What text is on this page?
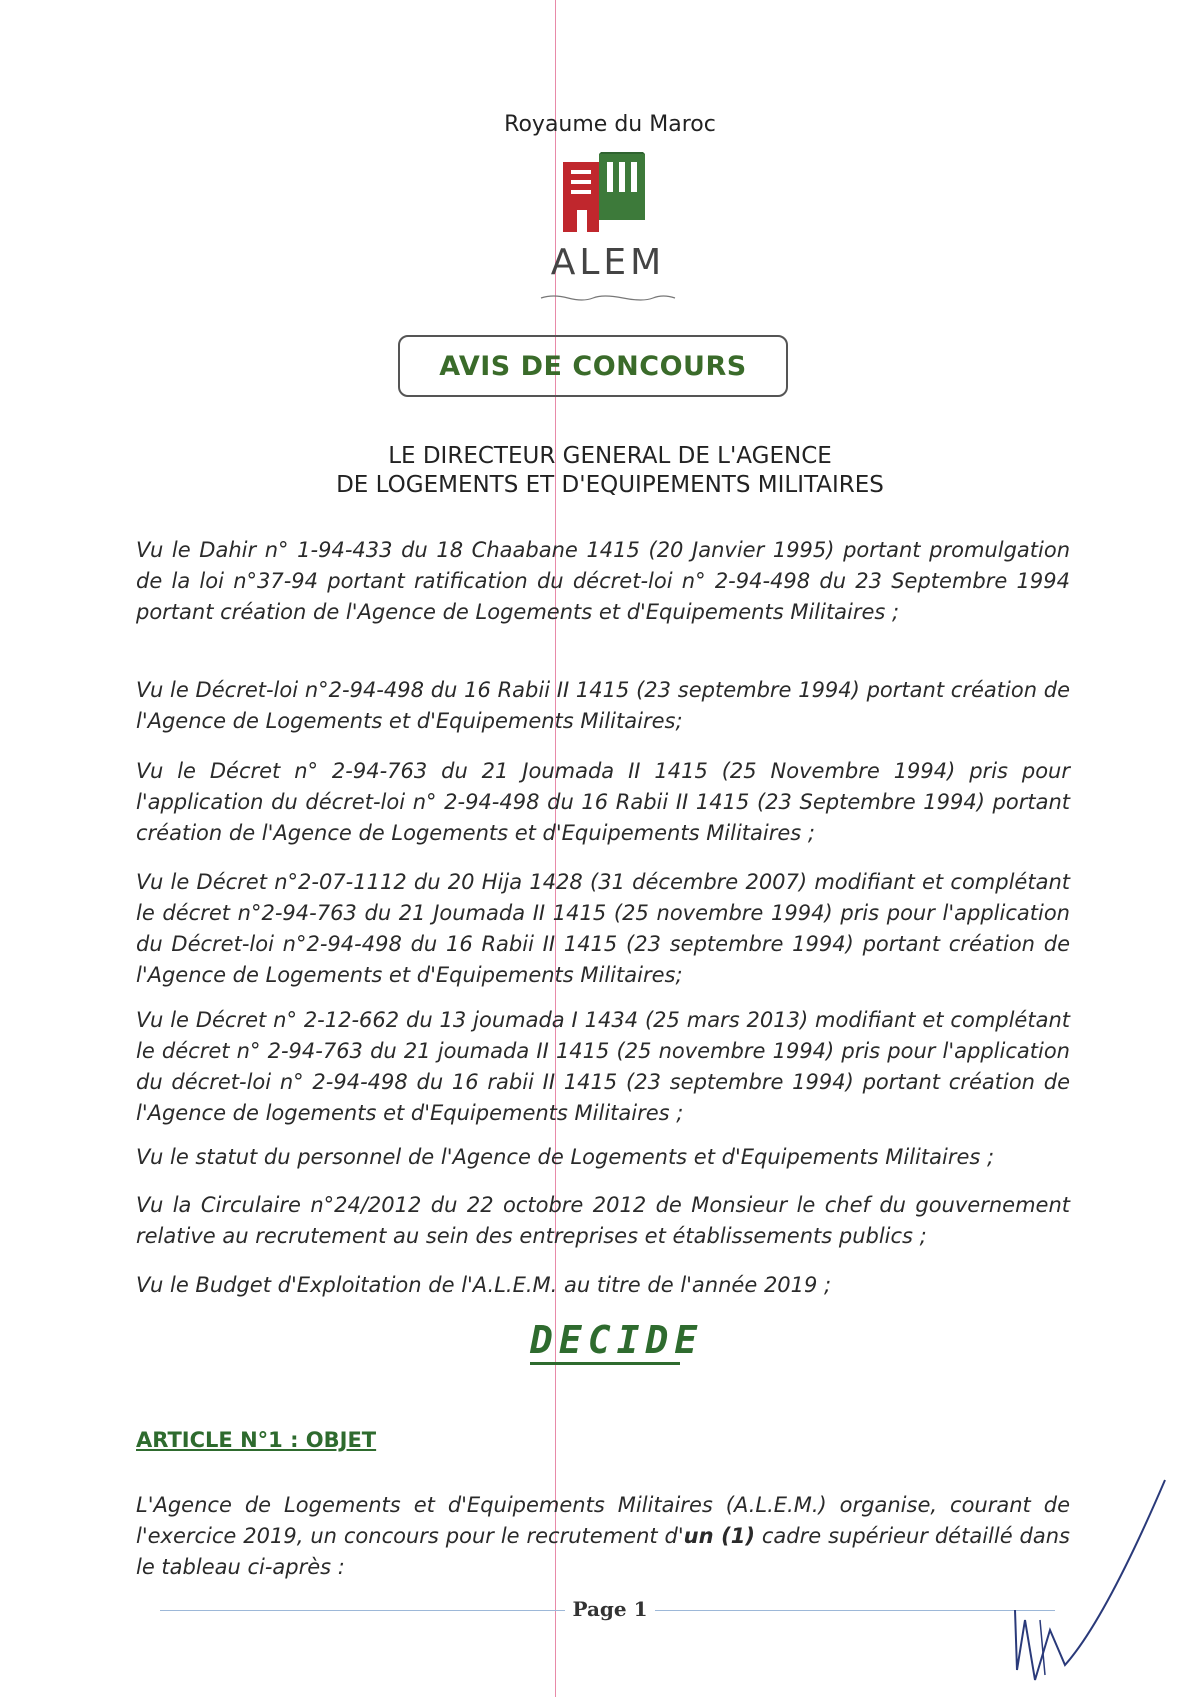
Royaume du Maroc
ALEM
AVIS DE CONCOURS
LE DIRECTEUR GENERAL DE L'AGENCE
DE LOGEMENTS ET D'EQUIPEMENTS MILITAIRES
Vu le Dahir n° 1-94-433 du 18 Chaabane 1415 (20 Janvier 1995) portant promulgation de la loi n°37-94 portant ratification du décret-loi n° 2-94-498 du 23 Septembre 1994 portant création de l'Agence de Logements et d'Equipements Militaires ;
Vu le Décret-loi n°2-94-498 du 16 Rabii II 1415 (23 septembre 1994) portant création de l'Agence de Logements et d'Equipements Militaires;
Vu le Décret n° 2-94-763 du 21 Joumada II 1415 (25 Novembre 1994) pris pour l'application du décret-loi n° 2-94-498 du 16 Rabii II 1415 (23 Septembre 1994) portant création de l'Agence de Logements et d'Equipements Militaires ;
Vu le Décret n°2-07-1112 du 20 Hija 1428 (31 décembre 2007) modifiant et complétant le décret n°2-94-763 du 21 Joumada II 1415 (25 novembre 1994) pris pour l'application du Décret-loi n°2-94-498 du 16 Rabii II 1415 (23 septembre 1994) portant création de l'Agence de Logements et d'Equipements Militaires;
Vu le Décret n° 2-12-662 du 13 joumada I 1434 (25 mars 2013) modifiant et complétant le décret n° 2-94-763 du 21 joumada II 1415 (25 novembre 1994) pris pour l'application du décret-loi n° 2-94-498 du 16 rabii II 1415 (23 septembre 1994) portant création de l'Agence de logements et d'Equipements Militaires ;
Vu le statut du personnel de l'Agence de Logements et d'Equipements Militaires ;
Vu la Circulaire n°24/2012 du 22 octobre 2012 de Monsieur le chef du gouvernement relative au recrutement au sein des entreprises et établissements publics ;
Vu le Budget d'Exploitation de l'A.L.E.M. au titre de l'année 2019 ;
DECIDE
ARTICLE N°1 : OBJET
L'Agence de Logements et d'Equipements Militaires (A.L.E.M.) organise, courant de l'exercice 2019, un concours pour le recrutement d'un (1) cadre supérieur détaillé dans le tableau ci-après :
Page 1
